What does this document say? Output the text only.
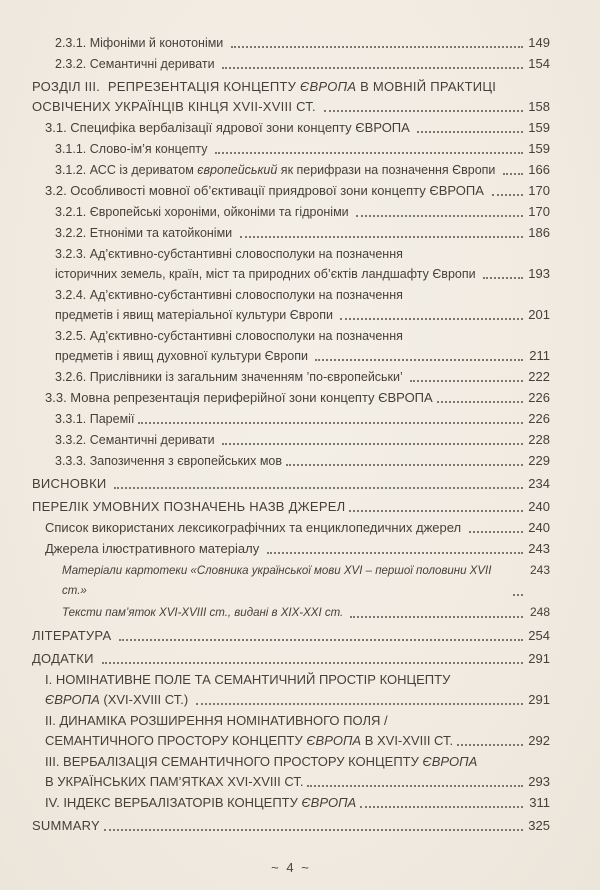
2.3.1. Міфоніми й конотоніми	149
2.3.2. Семантичні деривати	154
РОЗДІЛ III.  РЕПРЕЗЕНТАЦІЯ КОНЦЕПТУ ЄВРОПА В МОВНІЙ ПРАКТИЦІ
ОСВІЧЕНИХ УКРАЇНЦІВ КІНЦЯ XVII-XVIII СТ.	158
3.1. Специфіка вербалізації ядрової зони концепту ЄВРОПА	159
3.1.1. Слово-ім’я концепту	159
3.1.2. АСС із дериватом європейський як перифрази на позначення Європи 166
3.2. Особливості мовної об’єктивації приядрової зони концепту ЄВРОПА	170
3.2.1. Європейські хороніми, ойконіми та гідроніми	170
3.2.2. Етноніми та катойконіми	186
3.2.3. Ад’єктивно-субстантивні словосполуки на позначення
історичних земель, країн, міст та природних об’єктів ландшафту Європи	193
3.2.4. Ад’єктивно-субстантивні словосполуки на позначення
предметів і явищ матеріальної культури Європи	201
3.2.5. Ад’єктивно-субстантивні словосполуки на позначення
предметів і явищ духовної культури Європи	211
3.2.6. Прислівники із загальним значенням ’по-європейськи’	222
3.3. Мовна репрезентація периферійної зони концепту ЄВРОПА	226
3.3.1. Паремії	226
3.3.2. Семантичні деривати	228
3.3.3. Запозичення з європейських мов	229
ВИСНОВКИ	234
ПЕРЕЛІК УМОВНИХ ПОЗНАЧЕНЬ НАЗВ ДЖЕРЕЛ	240
Список використаних лексикографічних та енциклопедичних джерел	240
Джерела ілюстративного матеріалу	243
Матеріали картотеки «Словника української мови XVI – першої половини XVII ст.»
243
Тексти пам’яток XVI-XVIII ст., видані в XIX-XXI ст.	248
ЛІТЕРАТУРА	254
ДОДАТКИ	291
I. НОМІНАТИВНЕ ПОЛЕ ТА СЕМАНТИЧНИЙ ПРОСТІР КОНЦЕПТУ
ЄВРОПА (XVI-XVIII СТ.)	291
II. ДИНАМІКА РОЗШИРЕННЯ НОМІНАТИВНОГО ПОЛЯ /
СЕМАНТИЧНОГО ПРОСТОРУ КОНЦЕПТУ ЄВРОПА В XVI-XVIII СТ.	292
III. ВЕРБАЛІЗАЦІЯ СЕМАНТИЧНОГО ПРОСТОРУ КОНЦЕПТУ ЄВРОПА
В УКРАЇНСЬКИХ ПАМ’ЯТКАХ XVI-XVIII СТ.	293
IV. ІНДЕКС ВЕРБАЛІЗАТОРІВ КОНЦЕПТУ ЄВРОПА	311
SUMMARY	325
~ 4 ~
